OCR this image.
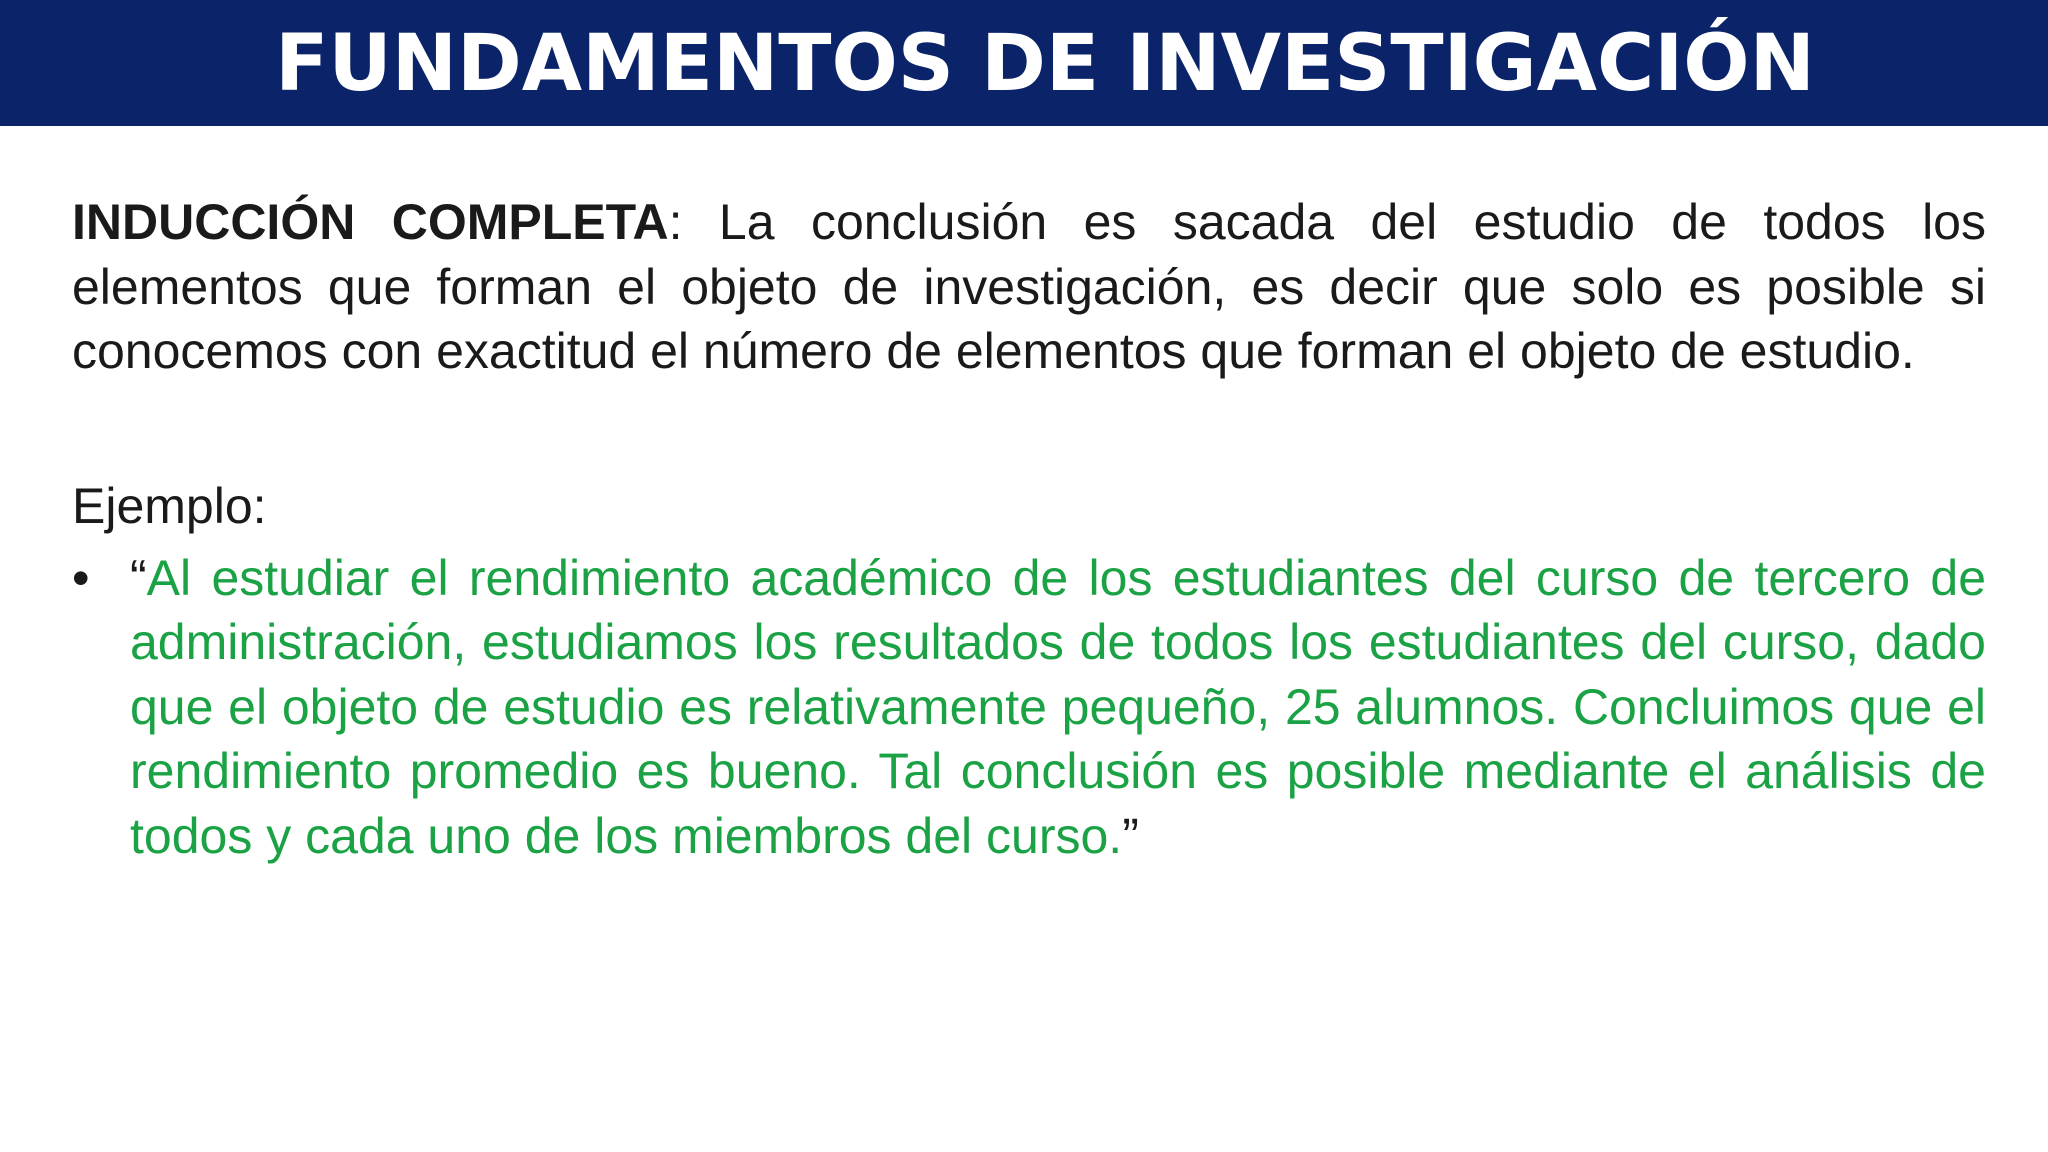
FUNDAMENTOS DE INVESTIGACIÓN

INDUCCIÓN COMPLETA: La conclusión es sacada del estudio de todos los elementos que forman el objeto de investigación, es decir que solo es posible si conocemos con exactitud el número de elementos que forman el objeto de estudio.

Ejemplo:
• “Al estudiar el rendimiento académico de los estudiantes del curso de tercero de administración, estudiamos los resultados de todos los estudiantes del curso, dado que el objeto de estudio es relativamente pequeño, 25 alumnos. Concluimos que el rendimiento promedio es bueno. Tal conclusión es posible mediante el análisis de todos y cada uno de los miembros del curso.”
